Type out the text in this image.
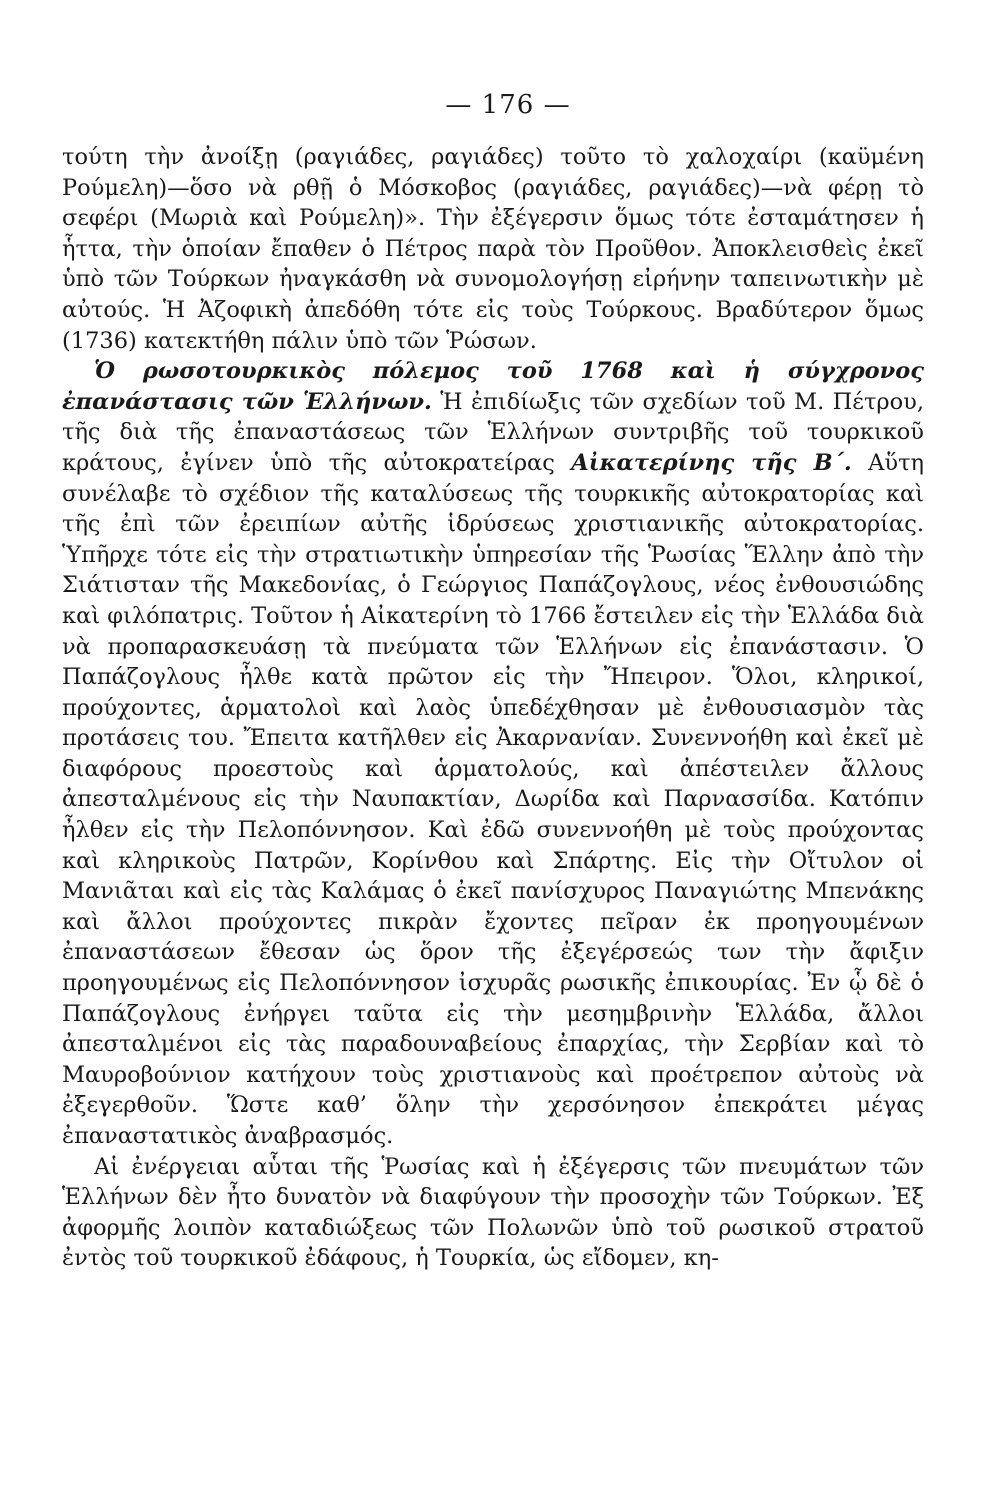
— 176 —

τούτη τὴν ἀνοίξῃ (ραγιάδες, ραγιάδες) τοῦτο τὸ χαλοχαίρι (καϋμένη Ρούμελη)—ὅσο νὰ ρθῇ ὁ Μόσκοβος (ραγιάδες, ραγιάδες)—νὰ φέρῃ τὸ σεφέρι (Μωριὰ καὶ Ρούμελη)». Τὴν ἐξέγερσιν ὅμως τότε ἐσταμάτησεν ἡ ἧττα, τὴν ὁποίαν ἔπαθεν ὁ Πέτρος παρὰ τὸν Προῦθον. Ἀποκλεισθεὶς ἐκεῖ ὑπὸ τῶν Τούρκων ἠναγκάσθη νὰ συνομολογήσῃ εἰρήνην ταπεινωτικὴν μὲ αὐτούς. Ἡ Ἀζοφικὴ ἀπεδόθη τότε εἰς τοὺς Τούρκους. Βραδύτερον ὅμως (1736) κατεκτήθη πάλιν ὑπὸ τῶν Ῥώσων.

Ὁ ρωσοτουρκικὸς πόλεμος τοῦ 1768 καὶ ἡ σύγχρονος ἐπανάστασις τῶν Ἑλλήνων. Ἡ ἐπιδίωξις τῶν σχεδίων τοῦ Μ. Πέτρου, τῆς διὰ τῆς ἐπαναστάσεως τῶν Ἑλλήνων συντριβῆς τοῦ τουρκικοῦ κράτους, ἐγίνεν ὑπὸ τῆς αὐτοκρατείρας Αἰκατερίνης τῆς Β΄. Αὕτη συνέλαβε τὸ σχέδιον τῆς καταλύσεως τῆς τουρκικῆς αὐτοκρατορίας καὶ τῆς ἐπὶ τῶν ἐρειπίων αὐτῆς ἱδρύσεως χριστιανικῆς αὐτοκρατορίας. Ὑπῆρχε τότε εἰς τὴν στρατιωτικὴν ὑπηρεσίαν τῆς Ῥωσίας Ἕλλην ἀπὸ τὴν Σιάτισταν τῆς Μακεδονίας, ὁ Γεώργιος Παπάζογλους, νέος ἐνθουσιώδης καὶ φιλόπατρις. Τοῦτον ἡ Αἰκατερίνη τὸ 1766 ἔστειλεν εἰς τὴν Ἑλλάδα διὰ νὰ προπαρασκευάσῃ τὰ πνεύματα τῶν Ἑλλήνων εἰς ἐπανάστασιν. Ὁ Παπάζογλους ἦλθε κατὰ πρῶτον εἰς τὴν Ἤπειρον. Ὅλοι, κληρικοί, προύχοντες, ἁρματολοὶ καὶ λαὸς ὑπεδέχθησαν μὲ ἐνθουσιασμὸν τὰς προτάσεις του. Ἔπειτα κατῆλθεν εἰς Ἀκαρνανίαν. Συνεννοήθη καὶ ἐκεῖ μὲ διαφόρους προεστοὺς καὶ ἁρματολούς, καὶ ἀπέστειλεν ἄλλους ἀπεσταλμένους εἰς τὴν Ναυπακτίαν, Δωρίδα καὶ Παρνασσίδα. Κατόπιν ἦλθεν εἰς τὴν Πελοπόννησον. Καὶ ἐδῶ συνεννοήθη μὲ τοὺς προύχοντας καὶ κληρικοὺς Πατρῶν, Κορίνθου καὶ Σπάρτης. Εἰς τὴν Οἴτυλον οἱ Μανιᾶται καὶ εἰς τὰς Καλάμας ὁ ἐκεῖ πανίσχυρος Παναγιώτης Μπενάκης καὶ ἄλλοι προύχοντες πικρὰν ἔχοντες πεῖραν ἐκ προηγουμένων ἐπαναστάσεων ἔθεσαν ὡς ὅρον τῆς ἐξεγέρσεώς των τὴν ἄφιξιν προηγουμένως εἰς Πελοπόννησον ἰσχυρᾶς ρωσικῆς ἐπικουρίας. Ἐν ᾧ δὲ ὁ Παπάζογλους ἐνήργει ταῦτα εἰς τὴν μεσημβρινὴν Ἑλλάδα, ἄλλοι ἀπεσταλμένοι εἰς τὰς παραδουναβείους ἐπαρχίας, τὴν Σερβίαν καὶ τὸ Μαυροβούνιον κατήχουν τοὺς χριστιανοὺς καὶ προέτρεπον αὐτοὺς νὰ ἐξεγερθοῦν. Ὥστε καθ’ ὅλην τὴν χερσόνησον ἐπεκράτει μέγας ἐπαναστατικὸς ἀναβρασμός.

Αἱ ἐνέργειαι αὗται τῆς Ῥωσίας καὶ ἡ ἐξέγερσις τῶν πνευμάτων τῶν Ἑλλήνων δὲν ἦτο δυνατὸν νὰ διαφύγουν τὴν προσοχὴν τῶν Τούρκων. Ἐξ ἀφορμῆς λοιπὸν καταδιώξεως τῶν Πολωνῶν ὑπὸ τοῦ ρωσικοῦ στρατοῦ ἐντὸς τοῦ τουρκικοῦ ἐδάφους, ἡ Τουρκία, ὡς εἴδομεν, κη-
